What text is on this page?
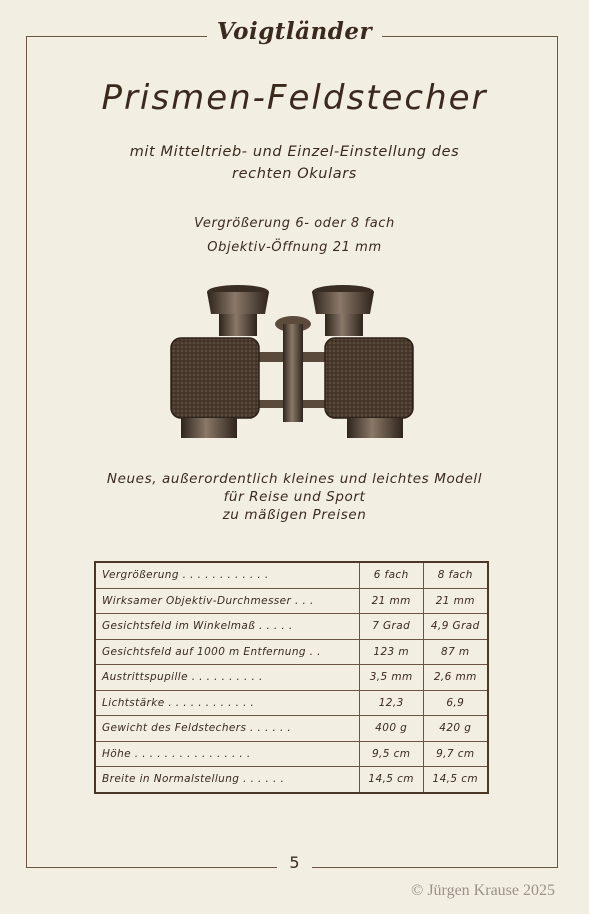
Voigtländer
Prismen-Feldstecher
mit Mitteltrieb- und Einzel-Einstellung des
rechten Okulars
Vergrößerung 6- oder 8 fach
Objektiv-Öffnung 21 mm
Neues, außerordentlich kleines und leichtes Modell
für Reise und Sport
zu mäßigen Preisen
Vergrößerung . . . . . . . . . . . .	6 fach	8 fach
Wirksamer Objektiv-Durchmesser . . .	21 mm	21 mm
Gesichtsfeld im Winkelmaß . . . . .	7 Grad	4,9 Grad
Gesichtsfeld auf 1000 m Entfernung . .	123 m	87 m
Austrittspupille . . . . . . . . . .	3,5 mm	2,6 mm
Lichtstärke . . . . . . . . . . . .	12,3	6,9
Gewicht des Feldstechers . . . . . .	400 g	420 g
Höhe . . . . . . . . . . . . . . . .	9,5 cm	9,7 cm
Breite in Normalstellung . . . . . .	14,5 cm	14,5 cm
5
© Jürgen Krause 2025
